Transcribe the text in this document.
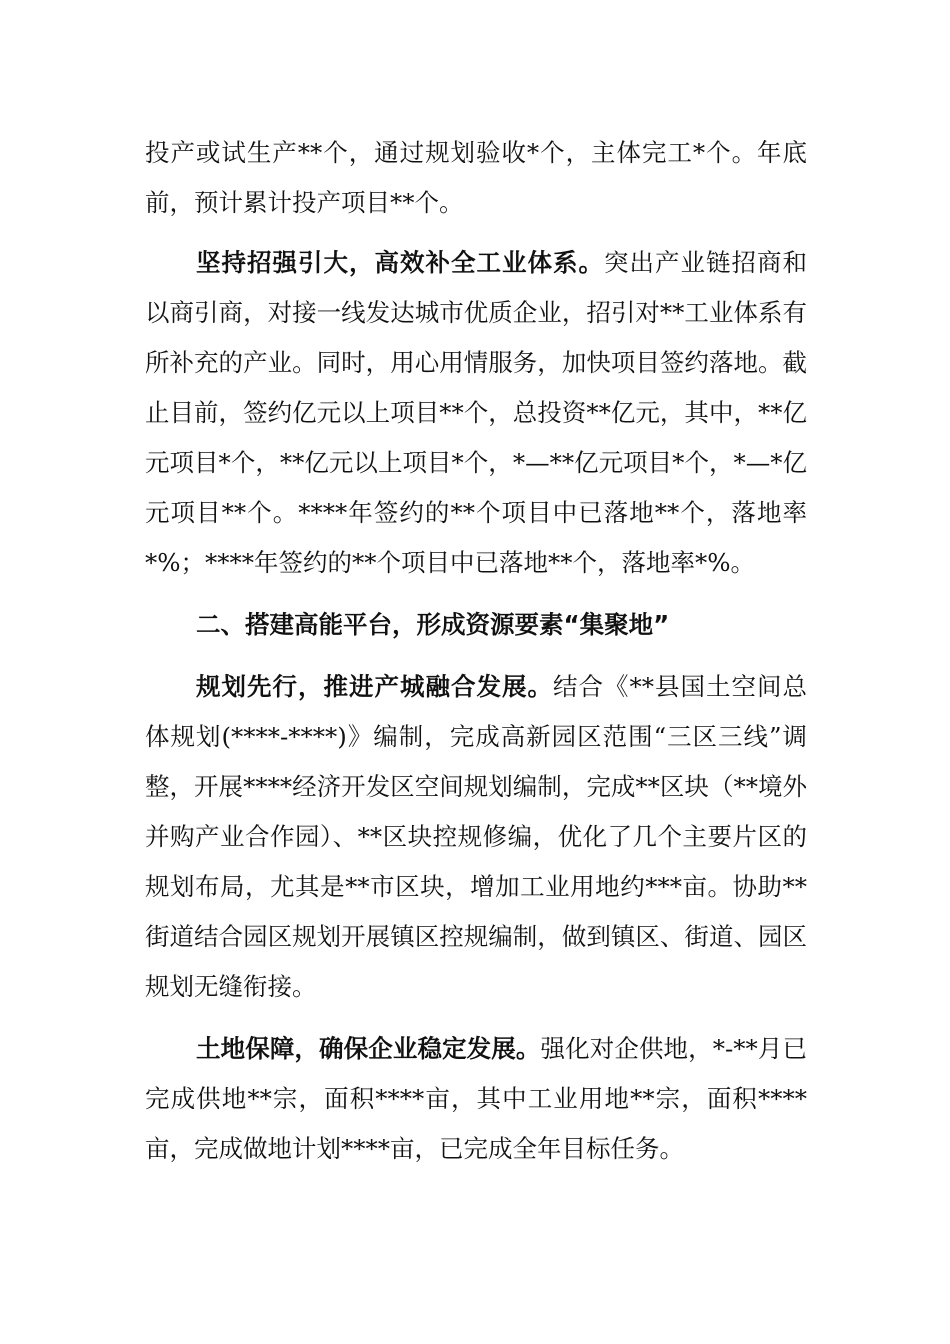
投产或试生产**个，通过规划验收*个，主体完工*个。年底前，预计累计投产项目**个。

坚持招强引大，高效补全工业体系。突出产业链招商和以商引商，对接一线发达城市优质企业，招引对**工业体系有所补充的产业。同时，用心用情服务，加快项目签约落地。截止目前，签约亿元以上项目**个，总投资**亿元，其中，**亿元项目*个，**亿元以上项目*个，*—**亿元项目*个，*—*亿元项目**个。****年签约的**个项目中已落地**个，落地率*%；****年签约的**个项目中已落地**个，落地率*%。

二、搭建高能平台，形成资源要素“集聚地”

规划先行，推进产城融合发展。结合《**县国土空间总体规划(****-****)》编制，完成高新园区范围“三区三线”调整，开展****经济开发区空间规划编制，完成**区块（**境外并购产业合作园）、**区块控规修编，优化了几个主要片区的规划布局，尤其是**市区块，增加工业用地约***亩。协助**街道结合园区规划开展镇区控规编制，做到镇区、街道、园区规划无缝衔接。

土地保障，确保企业稳定发展。强化对企供地，*-**月已完成供地**宗，面积****亩，其中工业用地**宗，面积****亩，完成做地计划****亩，已完成全年目标任务。
